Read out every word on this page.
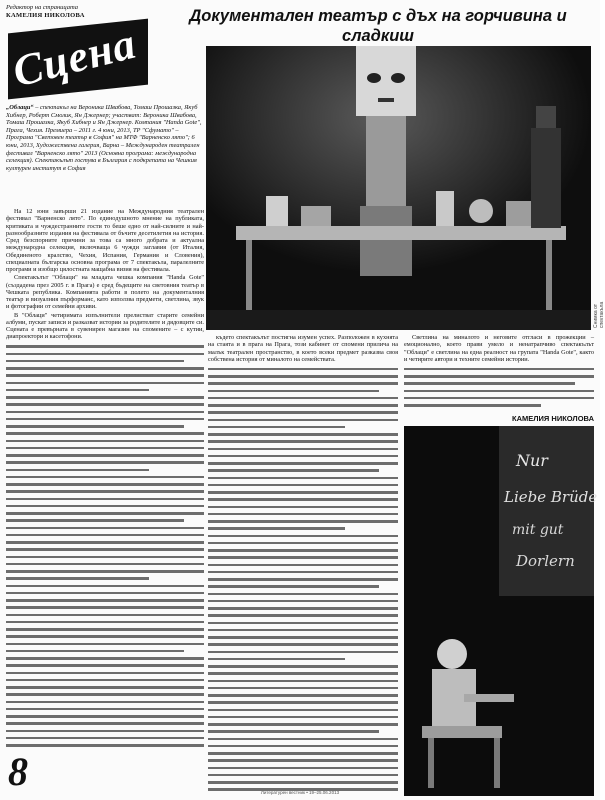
Редактор на страницата
КАМЕЛИЯ НИКОЛОВА
Сцена
Документален театър с дъх на горчивина и сладкиш
Снимка от спектакъла
„Облаци“ – спектакъл на Вероника Швабова, Томаш Прошазка, Якуб Хибнер, Роберт Смолик, Ян Джернер; участват: Вероника Швабова, Томаш Прошазка, Якуб Хибнер и Ян Джернер. Компания "Handa Gote", Прага, Чехия. Премиера – 2011 г. 4 юни, 2013, ТР "Сфумато" – Програма "Световен театър в София" на МТФ "Варненско лято"; 6 юни, 2013, Художествена галерия, Варна – Международен театрален фестивал "Варненско лято" 2013 (Основна програма: международна селекция). Спектакълът гостува в България с подкрепата на Чешкия културен институт в София

На 12 юни завърши 21 издание на Международния театрален фестивал "Варненско лято". По единодушното мнение на публиката, критиката и чуждестранните гости то беше едно от най-силните и най-разнообразните издания на фестивала от бъчите десетилетия на история. Сред безспорните причини за това са много добрата и актуална международна селекция, включваща 6 чужди заглавия (от Италия, Обединеното кралство, Чехия, Испания, Германия и Словения), специалната българска основна програма от 7 спектакъла, паралелните програми и изобщо цялостната мащабна визия на фестивала.

Спектакълът "Облаци" на младата чешка компания "Handa Gote" (създадена през 2005 г. в Прага) е сред бъдещите на световния театър в Чешката република. Компанията работи в полето на документалния театър и визуалния пърформанс, като използва предмети, светлина, звук и фотографии от семейни архиви.

В "Облаци" четиримата изпълнители прелистват старите семейни албуми, пускат записи и разказват истории за родителите и дядовците си. Сцената е превърната в сувенирен магазин на спомените – с кутии, диапроектори и касетофони.	където спектакълът постигна изумен успех. Разположен в кухнята на стаята и в прага на Прага, този кабинет от спомени прилича на малък театрален пространство, в което всеки предмет разказва своя собствена история от миналото на семействата.

Светлина на миналото и неговите отгласи в прожекции – емоционално, което прави умело и ненатрапчиво спектакълът "Облаци" е светлина на една реалност на групата "Handa Gote", както и четирите автори и техните семейни истории.

КАМЕЛИЯ НИКОЛОВА
Nur
Liebe Brüde
mit gut
Dorlern
8	Литературен вестник • 19–25.06.2013
